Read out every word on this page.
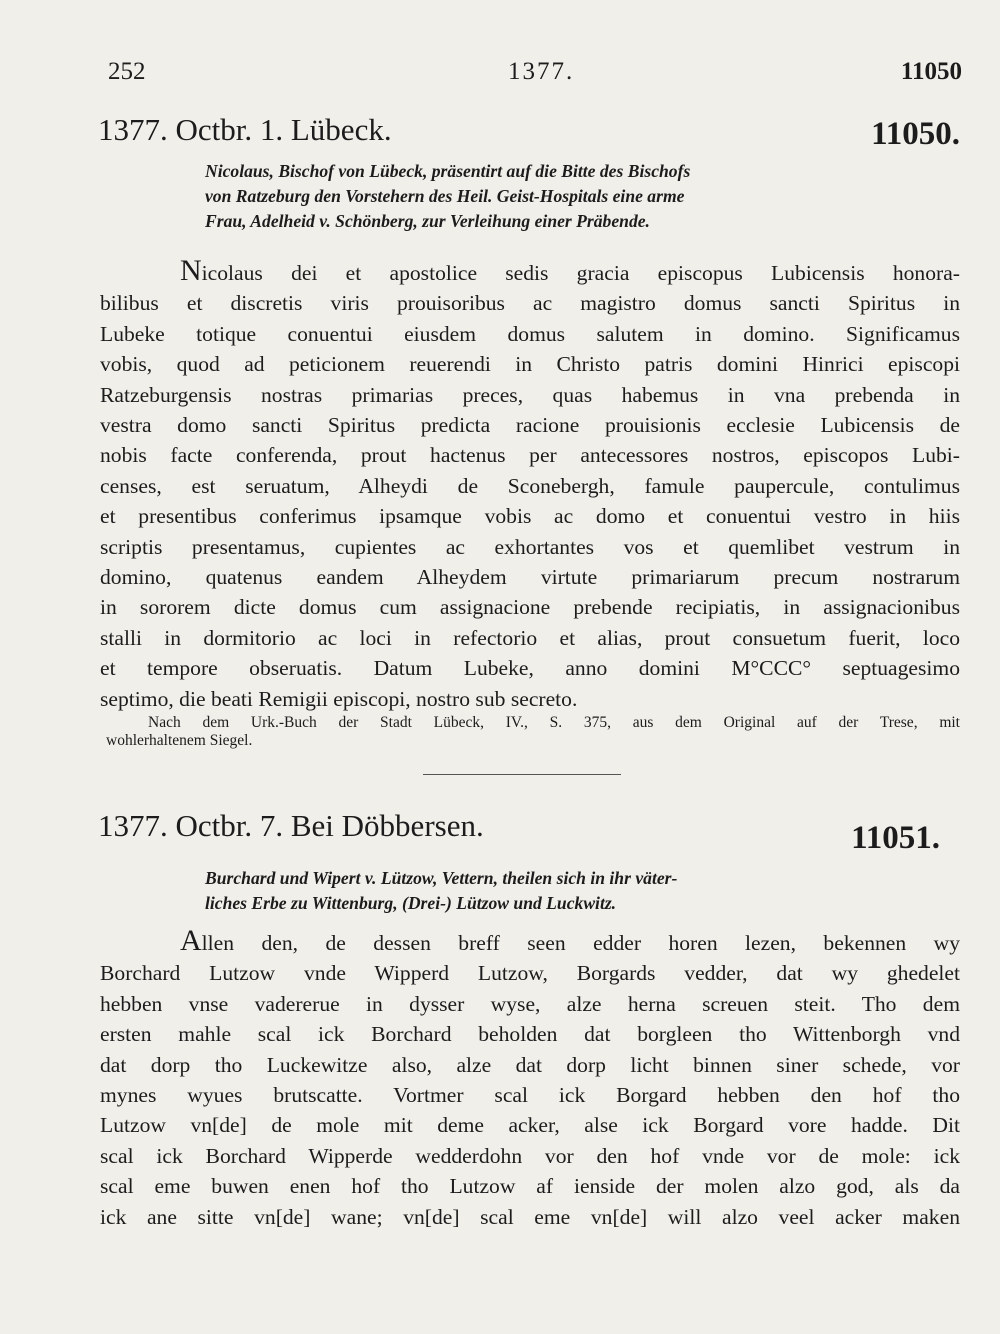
252	1377.	11050
1377. Octbr. 1. Lübeck.	11050.
Nicolaus, Bischof von Lübeck, präsentirt auf die Bitte des Bischofs
von Ratzeburg den Vorstehern des Heil. Geist-Hospitals eine arme
Frau, Adelheid v. Schönberg, zur Verleihung einer Präbende.
Nicolaus dei et apostolice sedis gracia episcopus Lubicensis honora-
bilibus et discretis viris prouisoribus ac magistro domus sancti Spiritus in
Lubeke totique conuentui eiusdem domus salutem in domino. Significamus
vobis, quod ad peticionem reuerendi in Christo patris domini Hinrici episcopi
Ratzeburgensis nostras primarias preces, quas habemus in vna prebenda in
vestra domo sancti Spiritus predicta racione prouisionis ecclesie Lubicensis de
nobis facte conferenda, prout hactenus per antecessores nostros, episcopos Lubi-
censes, est seruatum, Alheydi de Sconebergh, famule paupercule, contulimus
et presentibus conferimus ipsamque vobis ac domo et conuentui vestro in hiis
scriptis presentamus, cupientes ac exhortantes vos et quemlibet vestrum in
domino, quatenus eandem Alheydem virtute primariarum precum nostrarum
in sororem dicte domus cum assignacione prebende recipiatis, in assignacionibus
stalli in dormitorio ac loci in refectorio et alias, prout consuetum fuerit, loco
et tempore obseruatis. Datum Lubeke, anno domini M°CCC° septuagesimo
septimo, die beati Remigii episcopi, nostro sub secreto.
Nach dem Urk.-Buch der Stadt Lübeck, IV., S. 375, aus dem Original auf der Trese, mit
wohlerhaltenem Siegel.
1377. Octbr. 7. Bei Döbbersen.	11051.
Burchard und Wipert v. Lützow, Vettern, theilen sich in ihr väter-
liches Erbe zu Wittenburg, (Drei-) Lützow und Luckwitz.
Allen den, de dessen breff seen edder horen lezen, bekennen wy
Borchard Lutzow vnde Wipperd Lutzow, Borgards vedder, dat wy ghedelet
hebben vnse vadererue in dysser wyse, alze herna screuen steit. Tho dem
ersten mahle scal ick Borchard beholden dat borgleen tho Wittenborgh vnd
dat dorp tho Luckewitze also, alze dat dorp licht binnen siner schede, vor
mynes wyues brutscatte. Vortmer scal ick Borgard hebben den hof tho
Lutzow vn[de] de mole mit deme acker, alse ick Borgard vore hadde. Dit
scal ick Borchard Wipperde wedderdohn vor den hof vnde vor de mole: ick
scal eme buwen enen hof tho Lutzow af ienside der molen alzo god, als da
ick ane sitte vn[de] wane; vn[de] scal eme vn[de] will alzo veel acker maken
